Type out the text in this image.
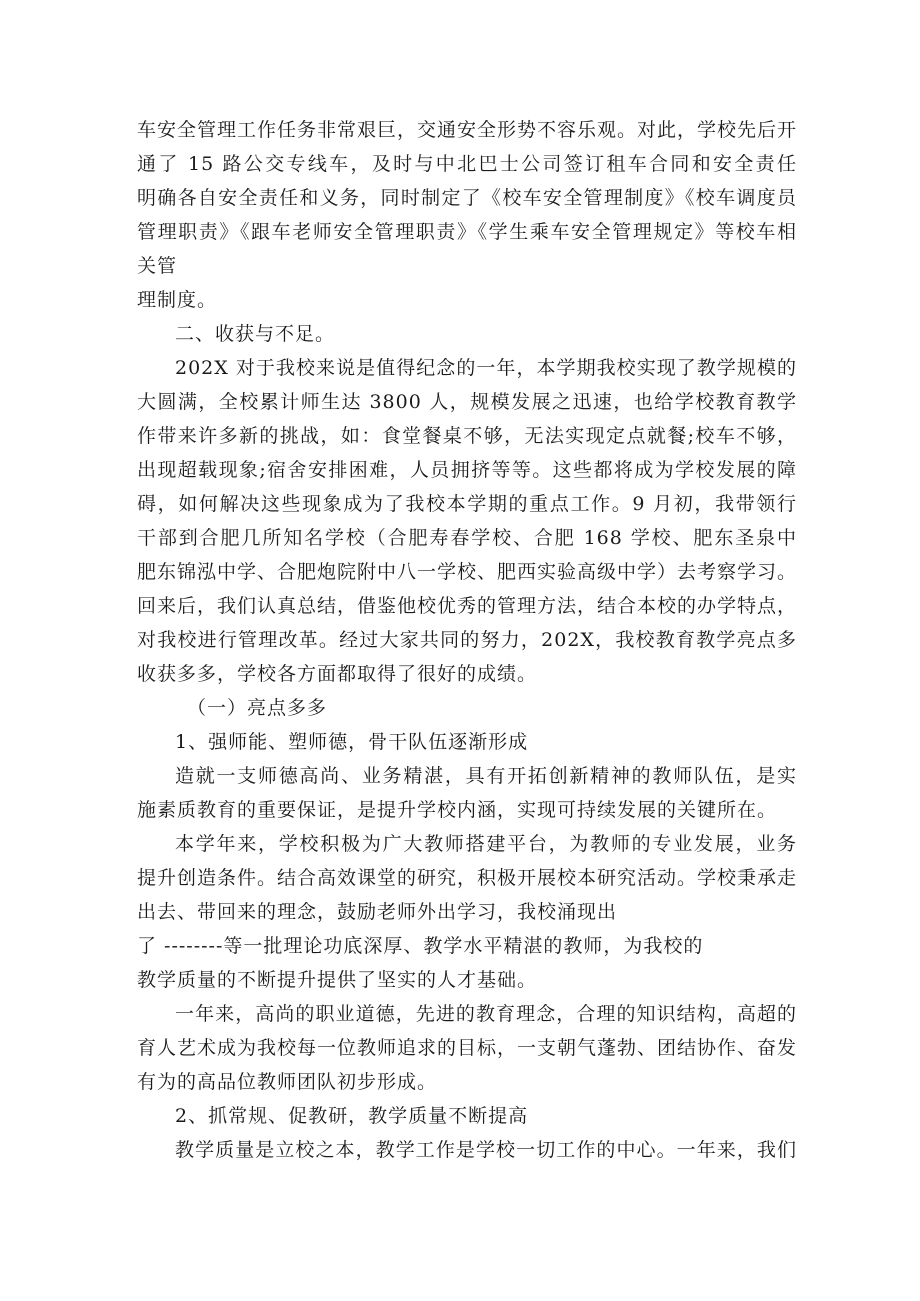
车安全管理工作任务非常艰巨，交通安全形势不容乐观。对此，学校先后开
通了 15 路公交专线车，及时与中北巴士公司签订租车合同和安全责任
明确各自安全责任和义务，同时制定了《校车安全管理制度》《校车调度员
管理职责》《跟车老师安全管理职责》《学生乘车安全管理规定》等校车相
关管
理制度。
二、收获与不足。
202X 对于我校来说是值得纪念的一年，本学期我校实现了教学规模的
大圆满，全校累计师生达 3800 人，规模发展之迅速，也给学校教育教学
作带来许多新的挑战，如：食堂餐桌不够，无法实现定点就餐;校车不够，
出现超载现象;宿舍安排困难，人员拥挤等等。这些都将成为学校发展的障
碍，如何解决这些现象成为了我校本学期的重点工作。9 月初，我带领行
干部到合肥几所知名学校（合肥寿春学校、合肥 168 学校、肥东圣泉中
肥东锦泓中学、合肥炮院附中八一学校、肥西实验高级中学）去考察学习。
回来后，我们认真总结，借鉴他校优秀的管理方法，结合本校的办学特点，
对我校进行管理改革。经过大家共同的努力，202X，我校教育教学亮点多
收获多多，学校各方面都取得了很好的成绩。
（一）亮点多多
1、强师能、塑师德，骨干队伍逐渐形成
造就一支师德高尚、业务精湛，具有开拓创新精神的教师队伍，是实
施素质教育的重要保证，是提升学校内涵，实现可持续发展的关键所在。
本学年来，学校积极为广大教师搭建平台，为教师的专业发展，业务
提升创造条件。结合高效课堂的研究，积极开展校本研究活动。学校秉承走
出去、带回来的理念，鼓励老师外出学习，我校涌现出
了 --------等一批理论功底深厚、教学水平精湛的教师，为我校的
教学质量的不断提升提供了坚实的人才基础。
一年来，高尚的职业道德，先进的教育理念，合理的知识结构，高超的
育人艺术成为我校每一位教师追求的目标，一支朝气蓬勃、团结协作、奋发
有为的高品位教师团队初步形成。
2、抓常规、促教研，教学质量不断提高
教学质量是立校之本，教学工作是学校一切工作的中心。一年来，我们
